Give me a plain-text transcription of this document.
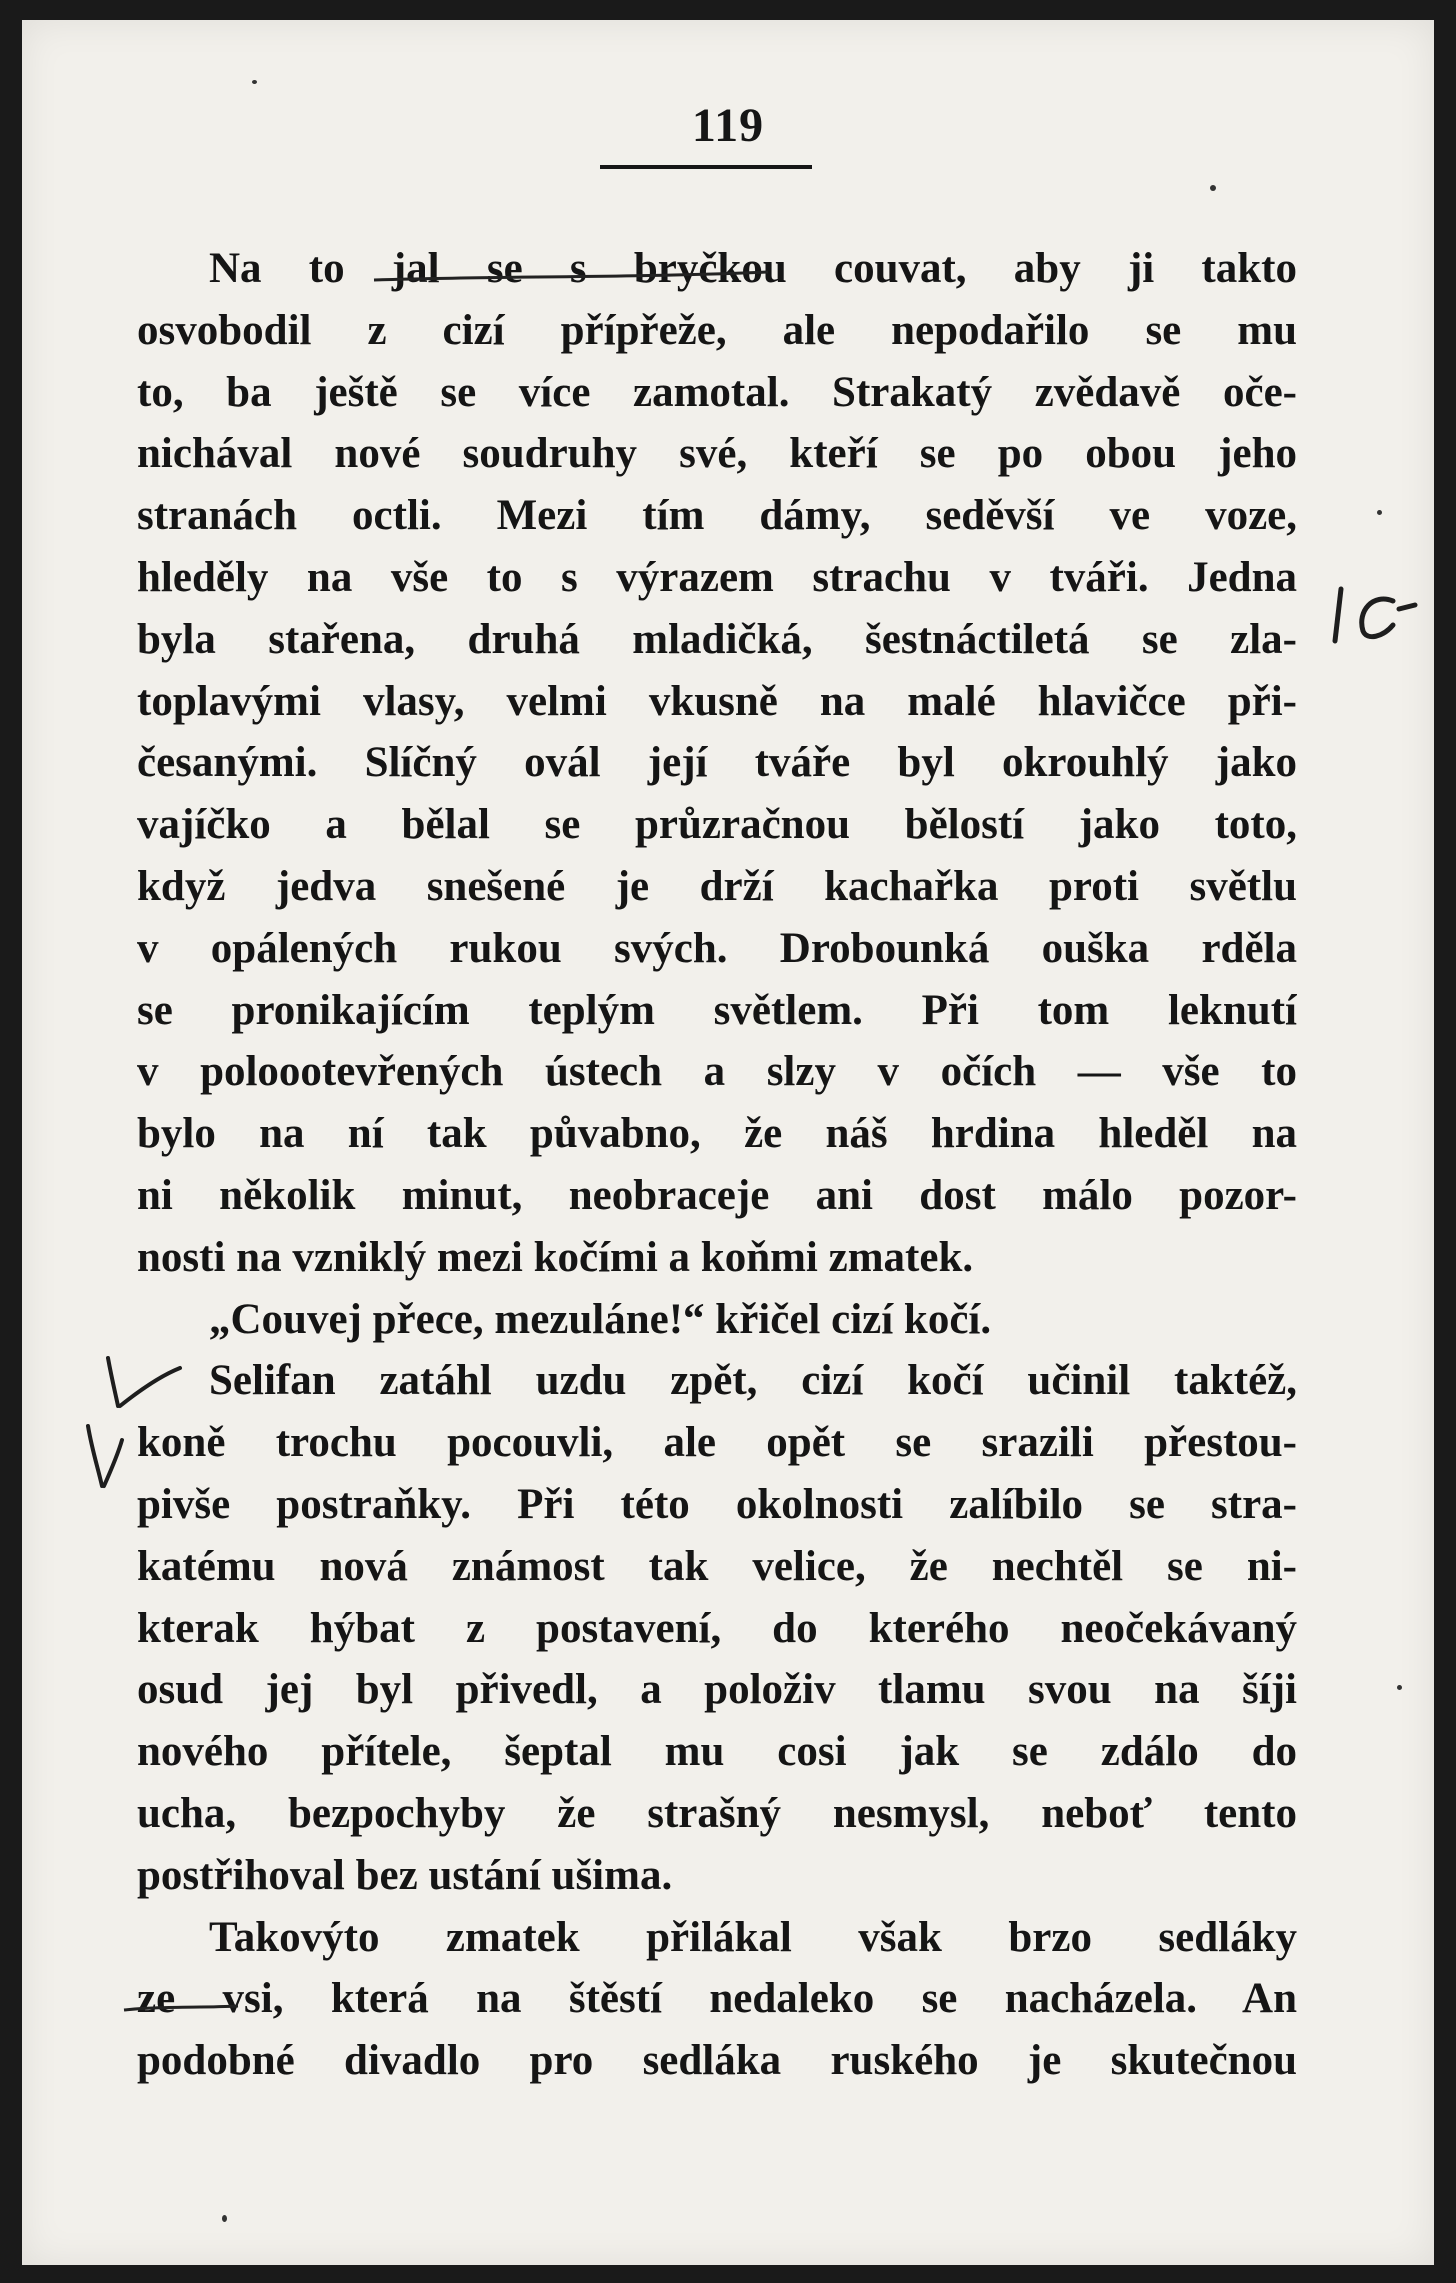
119
Na to jal se s bryčkou couvat, aby ji takto
osvobodil z cizí přípřeže, ale nepodařilo se mu
to, ba ještě se více zamotal. Strakatý zvědavě oče-
nichával nové soudruhy své, kteří se po obou jeho
stranách octli. Mezi tím dámy, seděvší ve voze,
hleděly na vše to s výrazem strachu v tváři. Jedna
byla stařena, druhá mladičká, šestnáctiletá se zla-
toplavými vlasy, velmi vkusně na malé hlavičce při-
česanými. Slíčný ovál její tváře byl okrouhlý jako
vajíčko a bělal se průzračnou bělostí jako toto,
když jedva snešené je drží kachařka proti světlu
v opálených rukou svých. Drobounká ouška rděla
se pronikajícím teplým světlem. Při tom leknutí
v poloootevřených ústech a slzy v očích — vše to
bylo na ní tak půvabno, že náš hrdina hleděl na
ni několik minut, neobraceje ani dost málo pozor-
nosti na vzniklý mezi kočími a koňmi zmatek.
„Couvej přece, mezuláne!“ křičel cizí kočí.
Selifan zatáhl uzdu zpět, cizí kočí učinil taktéž,
koně trochu pocouvli, ale opět se srazili přestou-
pivše postraňky. Při této okolnosti zalíbilo se stra-
katému nová známost tak velice, že nechtěl se ni-
kterak hýbat z postavení, do kterého neočekávaný
osud jej byl přivedl, a položiv tlamu svou na šíji
nového přítele, šeptal mu cosi jak se zdálo do
ucha, bezpochyby že strašný nesmysl, neboť tento
postřihoval bez ustání ušima.
Takovýto zmatek přilákal však brzo sedláky
ze vsi, která na štěstí nedaleko se nacházela. An
podobné divadlo pro sedláka ruského je skutečnou
